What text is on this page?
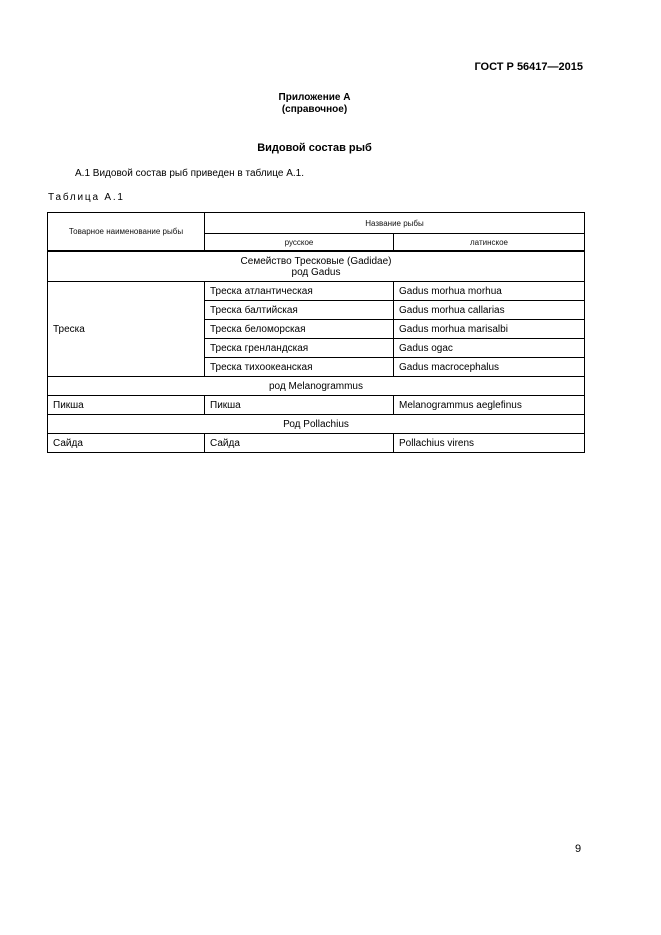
ГОСТ Р 56417—2015
Приложение А
(справочное)
Видовой состав рыб
А.1 Видовой состав рыб приведен в таблице А.1.
Таблица А.1
Товарное наименование рыбы	Название рыбы	
	русское	латинское

Семейство Тресковые (Gadidae)
род Gadus		

Треска	Треска атлантическая	Gadus morhua morhua
	Треска балтийская	Gadus morhua callarias
	Треска беломорская	Gadus morhua marisalbi
	Треска гренландская	Gadus ogac
	Треска тихоокеанская	Gadus macrocephalus
род Melanogrammus		
Пикша	Пикша	Melanogrammus aeglefinus
Род Pollachius		
Сайда	Сайда	Pollachius virens
9
